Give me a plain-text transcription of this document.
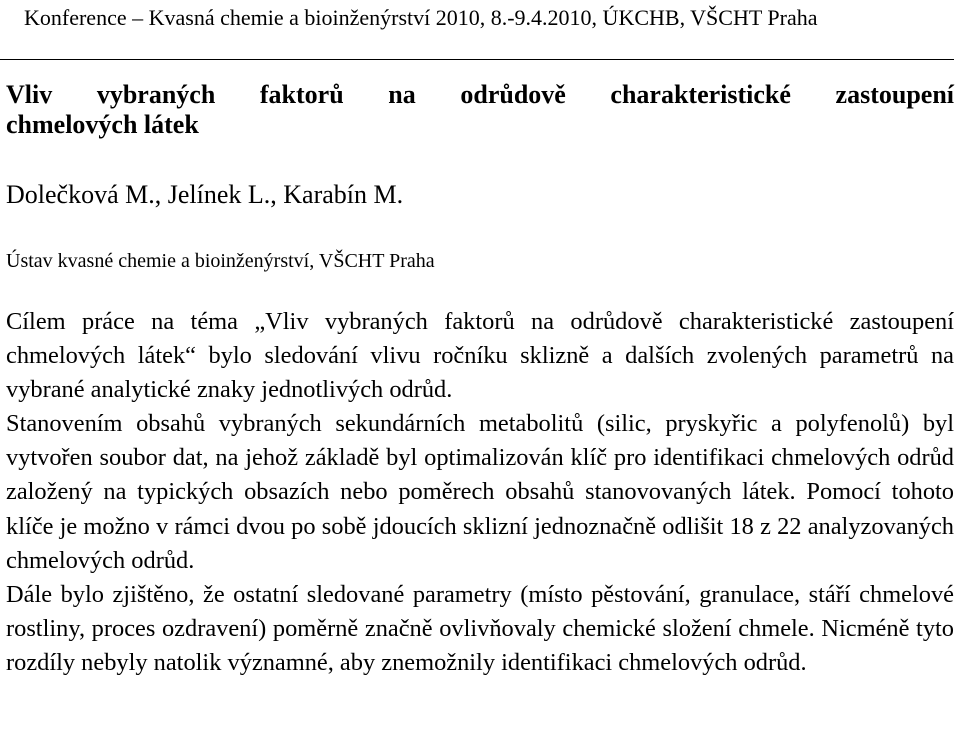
Konference – Kvasná chemie a bioinženýrství 2010, 8.-9.4.2010, ÚKCHB, VŠCHT Praha
Vliv vybraných faktorů na odrůdově charakteristické zastoupení
chmelových látek
Dolečková M., Jelínek L., Karabín M.
Ústav kvasné chemie a bioinženýrství, VŠCHT Praha

Cílem práce na téma „Vliv vybraných faktorů na odrůdově charakteristické zastoupení chmelových látek“ bylo sledování vlivu ročníku sklizně a dalších zvolených parametrů na vybrané analytické znaky jednotlivých odrůd.

Stanovením obsahů vybraných sekundárních metabolitů (silic, pryskyřic a polyfenolů) byl vytvořen soubor dat, na jehož základě byl optimalizován klíč pro identifikaci chmelových odrůd založený na typických obsazích nebo poměrech obsahů stanovovaných látek. Pomocí tohoto klíče je možno v rámci dvou po sobě jdoucích sklizní jednoznačně odlišit 18 z 22 analyzovaných chmelových odrůd.

Dále bylo zjištěno, že ostatní sledované parametry (místo pěstování, granulace, stáří chmelové rostliny, proces ozdravení) poměrně značně ovlivňovaly chemické složení chmele. Nicméně tyto rozdíly nebyly natolik významné, aby znemožnily identifikaci chmelových odrůd.
